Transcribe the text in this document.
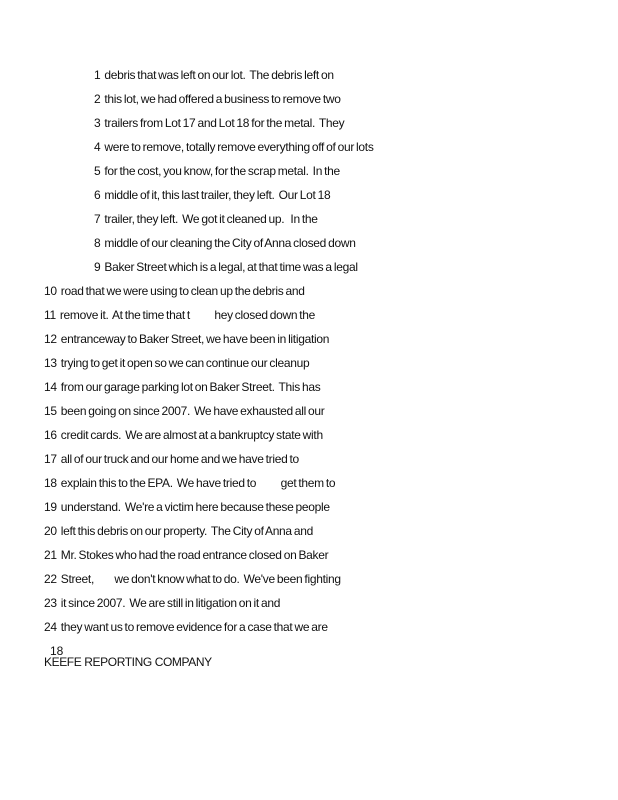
1 debris that was left on our lot.  The debris left on
2 this lot, we had offered a business to remove two
3 trailers from Lot 17 and Lot 18 for the metal.  They
4 were to remove, totally remove everything off of our lots
5 for the cost, you know, for the scrap metal.  In the
6 middle of it, this last trailer, they left.  Our Lot 18
7 trailer, they left.  We got it cleaned up.   In the
8 middle of our cleaning the City of Anna closed down
9 Baker Street which is a legal, at that time was a legal
10 road that we were using to clean up the debris and
11 remove it.  At the time that t            hey closed down the
12 entranceway to Baker Street, we have been in litigation
13 trying to get it open so we can continue our cleanup
14 from our garage parking lot on Baker Street.  This has
15 been going on since 2007.  We have exhausted all our
16 credit cards.  We are almost at a bankruptcy state with
17 all of our truck and our home and we have tried to
18 explain this to the EPA.  We have tried to            get them to
19 understand.  We're a victim here because these people
20 left this debris on our property.  The City of Anna and
21 Mr. Stokes who had the road entrance closed on Baker
22 Street,          we don't know what to do.  We've been fighting
23 it since 2007.  We are still in litigation on it and
24 they want us to remove evidence for a case that we are
18
KEEFE REPORTING COMPANY
